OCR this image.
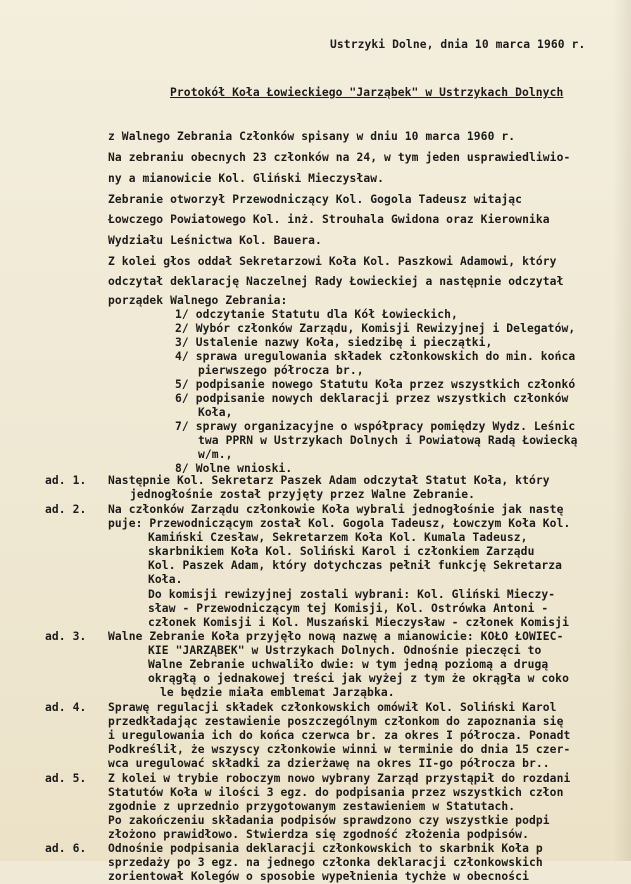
Ustrzyki Dolne, dnia 10 marca 1960 r.
Protokół Koła Łowieckiego "Jarząbek" w Ustrzykach Dolnych
z Walnego Zebrania Członków spisany w dniu 10 marca 1960 r.
Na zebraniu obecnych 23 członków na 24, w tym jeden usprawiedliwio-
ny a mianowicie Kol. Gliński Mieczysław.
Zebranie otworzył Przewodniczący Kol. Gogola Tadeusz witając
Łowczego Powiatowego Kol. inż. Strouhala Gwidona oraz Kierownika
Wydziału Leśnictwa Kol. Bauera.
Z kolei głos oddał Sekretarzowi Koła Kol. Paszkowi Adamowi, który
odczytał deklarację Naczelnej Rady Łowieckiej a następnie odczytał
porządek Walnego Zebrania:
1/ odczytanie Statutu dla Kół Łowieckich,
2/ Wybór członków Zarządu, Komisji Rewizyjnej i Delegatów,
3/ Ustalenie nazwy Koła, siedzibę i pieczątki,
4/ sprawa uregulowania składek członkowskich do min. końca
pierwszego półrocza br.,
5/ podpisanie nowego Statutu Koła przez wszystkich członkó
6/ podpisanie nowych deklaracji przez wszystkich członków
Koła,
7/ sprawy organizacyjne o współpracy pomiędzy Wydz. Leśnic
twa PPRN w Ustrzykach Dolnych i Powiatową Radą Łowiecką
w/m.,
8/ Wolne wnioski.
ad. 1. Następnie Kol. Sekretarz Paszek Adam odczytał Statut Koła, który
jednogłośnie został przyjęty przez Walne Zebranie.
ad. 2. Na członków Zarządu członkowie Koła wybrali jednogłośnie jak nastę
puje: Przewodniczącym został Kol. Gogola Tadeusz, Łowczym Koła Kol.
Kamiński Czesław, Sekretarzem Koła Kol. Kumala Tadeusz,
skarbnikiem Koła Kol. Soliński Karol i członkiem Zarządu
Kol. Paszek Adam, który dotychczas pełnił funkcję Sekretarza
Koła.
Do komisji rewizyjnej zostali wybrani: Kol. Gliński Mieczy-
sław - Przewodniczącym tej Komisji, Kol. Ostrówka Antoni -
członek Komisji i Kol. Muszański Mieczysław - członek Komisji
ad. 3. Walne Zebranie Koła przyjęło nową nazwę a mianowicie: KOŁO ŁOWIEC-
KIE "JARZĄBEK" w Ustrzykach Dolnych. Odnośnie pieczęci to
Walne Zebranie uchwaliło dwie: w tym jedną poziomą a drugą
okrągłą o jednakowej treści jak wyżej z tym że okrągła w coko
le będzie miała emblemat Jarząbka.
ad. 4. Sprawę regulacji składek członkowskich omówił Kol. Soliński Karol
przedkładając zestawienie poszczególnym członkom do zapoznania się
i uregulowania ich do końca czerwca br. za okres I półrocza. Ponadt
Podkreślił, że wszyscy członkowie winni w terminie do dnia 15 czer-
wca uregulować składki za dzierżawę na okres II-go półrocza br..
ad. 5. Z kolei w trybie roboczym nowo wybrany Zarząd przystąpił do rozdani
Statutów Koła w ilości 3 egz. do podpisania przez wszystkich człon
zgodnie z uprzednio przygotowanym zestawieniem w Statutach.
Po zakończeniu składania podpisów sprawdzono czy wszystkie podpi
złożono prawidłowo. Stwierdza się zgodność złożenia podpisów.
ad. 6. Odnośnie podpisania deklaracji członkowskich to skarbnik Koła p
sprzedaży po 3 egz. na jednego członka deklaracji członkowskich
zorientował Kolegów o sposobie wypełnienia tychże w obecności
